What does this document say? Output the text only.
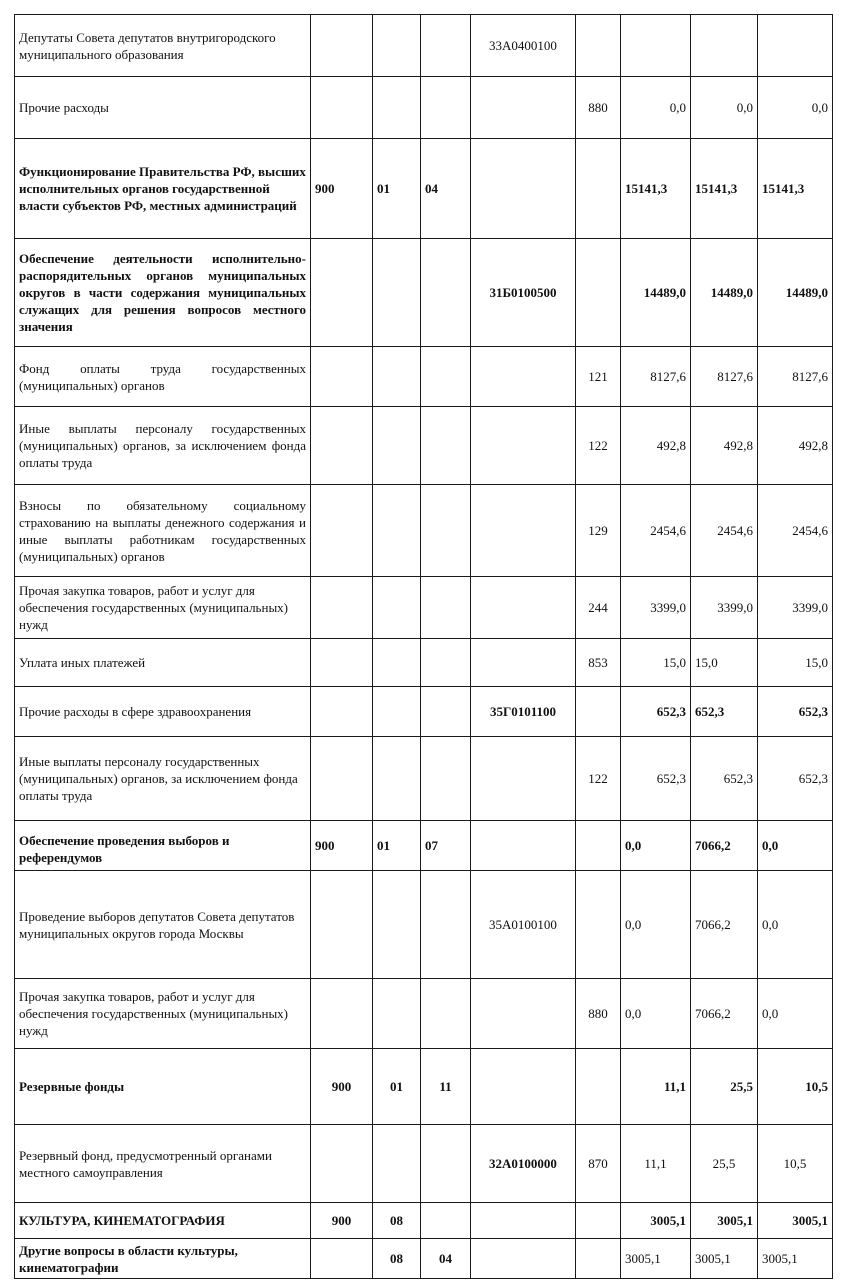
Депутаты Совета депутатов внутригородского муниципального образования				33А0400100				
Прочие расходы					880	0,0	0,0	0,0
Функционирование Правительства РФ, высших исполнительных органов государственной власти субъектов РФ, местных администраций	900	01	04			15141,3	15141,3	15141,3
Обеспечение деятельности исполнительно-распорядительных органов муниципальных округов в части содержания муниципальных служащих для решения вопросов местного значения				31Б0100500		14489,0	14489,0	14489,0
Фонд оплаты труда государственных (муниципальных) органов					121	8127,6	8127,6	8127,6
Иные выплаты персоналу государственных (муниципальных) органов, за исключением фонда оплаты труда					122	492,8	492,8	492,8
Взносы по обязательному социальному страхованию на выплаты денежного содержания и иные выплаты работникам государственных (муниципальных) органов					129	2454,6	2454,6	2454,6
Прочая закупка товаров, работ и услуг для обеспечения государственных (муниципальных) нужд					244	3399,0	3399,0	3399,0
Уплата иных платежей					853	15,0	15,0	15,0
Прочие расходы в сфере здравоохранения				35Г0101100		652,3	652,3	652,3
Иные выплаты персоналу государственных (муниципальных) органов, за исключением фонда оплаты труда					122	652,3	652,3	652,3
Обеспечение проведения выборов и референдумов	900	01	07			0,0	7066,2	0,0
Проведение выборов депутатов Совета депутатов муниципальных округов города Москвы				35А0100100		0,0	7066,2	0,0
Прочая закупка товаров, работ и услуг для обеспечения государственных (муниципальных) нужд					880	0,0	7066,2	0,0
Резервные фонды	900	01	11			11,1	25,5	10,5
Резервный фонд, предусмотренный органами местного самоуправления				32А0100000	870	11,1	25,5	10,5
КУЛЬТУРА, КИНЕМАТОГРАФИЯ	900	08				3005,1	3005,1	3005,1
Другие вопросы в области культуры, кинематографии		08	04			3005,1	3005,1	3005,1
